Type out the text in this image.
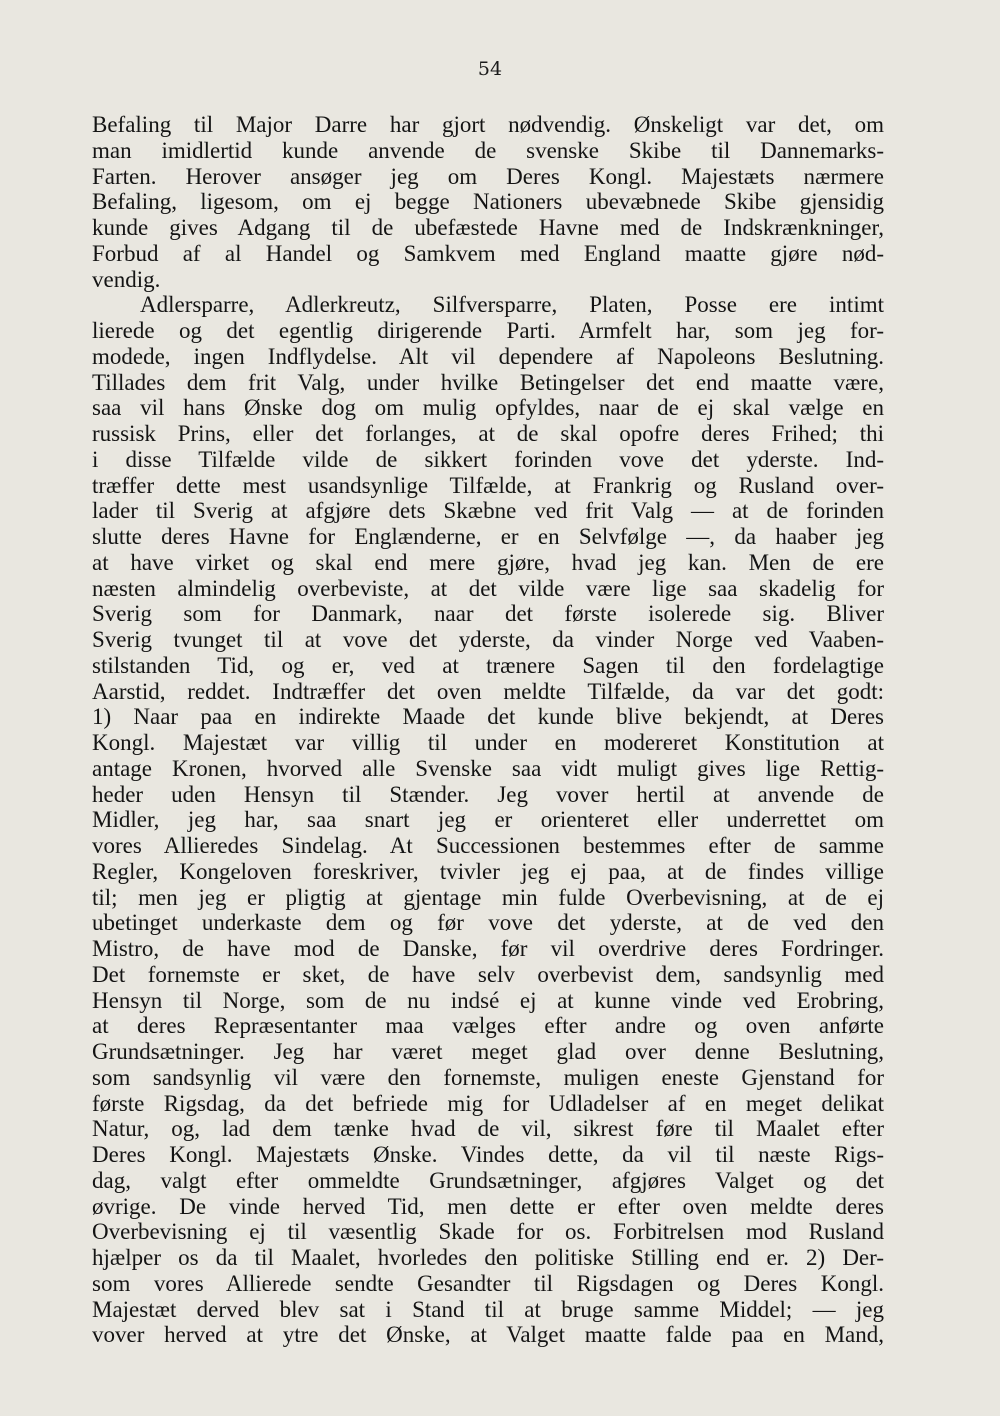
54
Befaling til Major Darre har gjort nødvendig. Ønskeligt var det, om
man imidlertid kunde anvende de svenske Skibe til Dannemarks-
Farten. Herover ansøger jeg om Deres Kongl. Majestæts nærmere
Befaling, ligesom, om ej begge Nationers ubevæbnede Skibe gjensidig
kunde gives Adgang til de ubefæstede Havne med de Indskrænkninger,
Forbud af al Handel og Samkvem med England maatte gjøre nød-
vendig.
Adlersparre, Adlerkreutz, Silfversparre, Platen, Posse ere intimt
lierede og det egentlig dirigerende Parti. Armfelt har, som jeg for-
modede, ingen Indflydelse. Alt vil dependere af Napoleons Beslutning.
Tillades dem frit Valg, under hvilke Betingelser det end maatte være,
saa vil hans Ønske dog om mulig opfyldes, naar de ej skal vælge en
russisk Prins, eller det forlanges, at de skal opofre deres Frihed; thi
i disse Tilfælde vilde de sikkert forinden vove det yderste. Ind-
træffer dette mest usandsynlige Tilfælde, at Frankrig og Rusland over-
lader til Sverig at afgjøre dets Skæbne ved frit Valg — at de forinden
slutte deres Havne for Englænderne, er en Selvfølge —, da haaber jeg
at have virket og skal end mere gjøre, hvad jeg kan. Men de ere
næsten almindelig overbeviste, at det vilde være lige saa skadelig for
Sverig som for Danmark, naar det første isolerede sig. Bliver
Sverig tvunget til at vove det yderste, da vinder Norge ved Vaaben-
stilstanden Tid, og er, ved at trænere Sagen til den fordelagtige
Aarstid, reddet. Indtræffer det oven meldte Tilfælde, da var det godt:
1) Naar paa en indirekte Maade det kunde blive bekjendt, at Deres
Kongl. Majestæt var villig til under en modereret Konstitution at
antage Kronen, hvorved alle Svenske saa vidt muligt gives lige Rettig-
heder uden Hensyn til Stænder. Jeg vover hertil at anvende de
Midler, jeg har, saa snart jeg er orienteret eller underrettet om
vores Allieredes Sindelag. At Successionen bestemmes efter de samme
Regler, Kongeloven foreskriver, tvivler jeg ej paa, at de findes villige
til; men jeg er pligtig at gjentage min fulde Overbevisning, at de ej
ubetinget underkaste dem og før vove det yderste, at de ved den
Mistro, de have mod de Danske, før vil overdrive deres Fordringer.
Det fornemste er sket, de have selv overbevist dem, sandsynlig med
Hensyn til Norge, som de nu indsé ej at kunne vinde ved Erobring,
at deres Repræsentanter maa vælges efter andre og oven anførte
Grundsætninger. Jeg har været meget glad over denne Beslutning,
som sandsynlig vil være den fornemste, muligen eneste Gjenstand for
første Rigsdag, da det befriede mig for Udladelser af en meget delikat
Natur, og, lad dem tænke hvad de vil, sikrest føre til Maalet efter
Deres Kongl. Majestæts Ønske. Vindes dette, da vil til næste Rigs-
dag, valgt efter ommeldte Grundsætninger, afgjøres Valget og det
øvrige. De vinde herved Tid, men dette er efter oven meldte deres
Overbevisning ej til væsentlig Skade for os. Forbitrelsen mod Rusland
hjælper os da til Maalet, hvorledes den politiske Stilling end er. 2) Der-
som vores Allierede sendte Gesandter til Rigsdagen og Deres Kongl.
Majestæt derved blev sat i Stand til at bruge samme Middel; — jeg
vover herved at ytre det Ønske, at Valget maatte falde paa en Mand,
